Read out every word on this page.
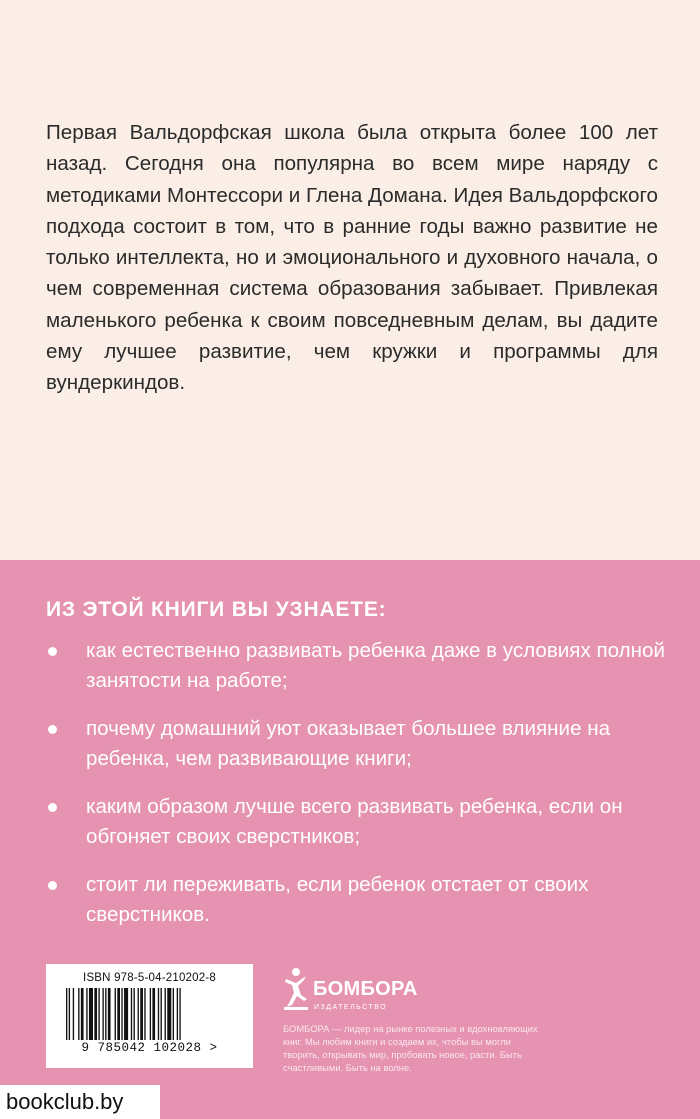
Первая Вальдорфская школа была открыта более 100 лет назад. Сегодня она популярна во всем мире наряду с методиками Монтессори и Глена Домана. Идея Вальдорфского подхода состоит в том, что в ранние годы важно развитие не только интеллекта, но и эмоционального и духовного начала, о чем современная система образования забывает. Привлекая маленького ребенка к своим повседневным делам, вы дадите ему лучшее развитие, чем кружки и программы для вундеркиндов.

ИЗ ЭТОЙ КНИГИ ВЫ УЗНАЕТЕ:
как естественно развивать ребенка даже в условиях полной занятости на работе;
почему домашний уют оказывает большее влияние на ребенка, чем развивающие книги;
каким образом лучше всего развивать ребенка, если он обгоняет своих сверстников;
стоит ли переживать, если ребенок отстает от своих сверстников.
ISBN 978-5-04-210202-8
9 785042 102028 >
БОМБОРА
ИЗДАТЕЛЬСТВО

БОМБОРА — лидер на рынке полезных и вдохновляющих книг. Мы любим книги и создаем их, чтобы вы могли творить, открывать мир, пробовать новое, расти. Быть счастливыми. Быть на волне.

bookclub.by
